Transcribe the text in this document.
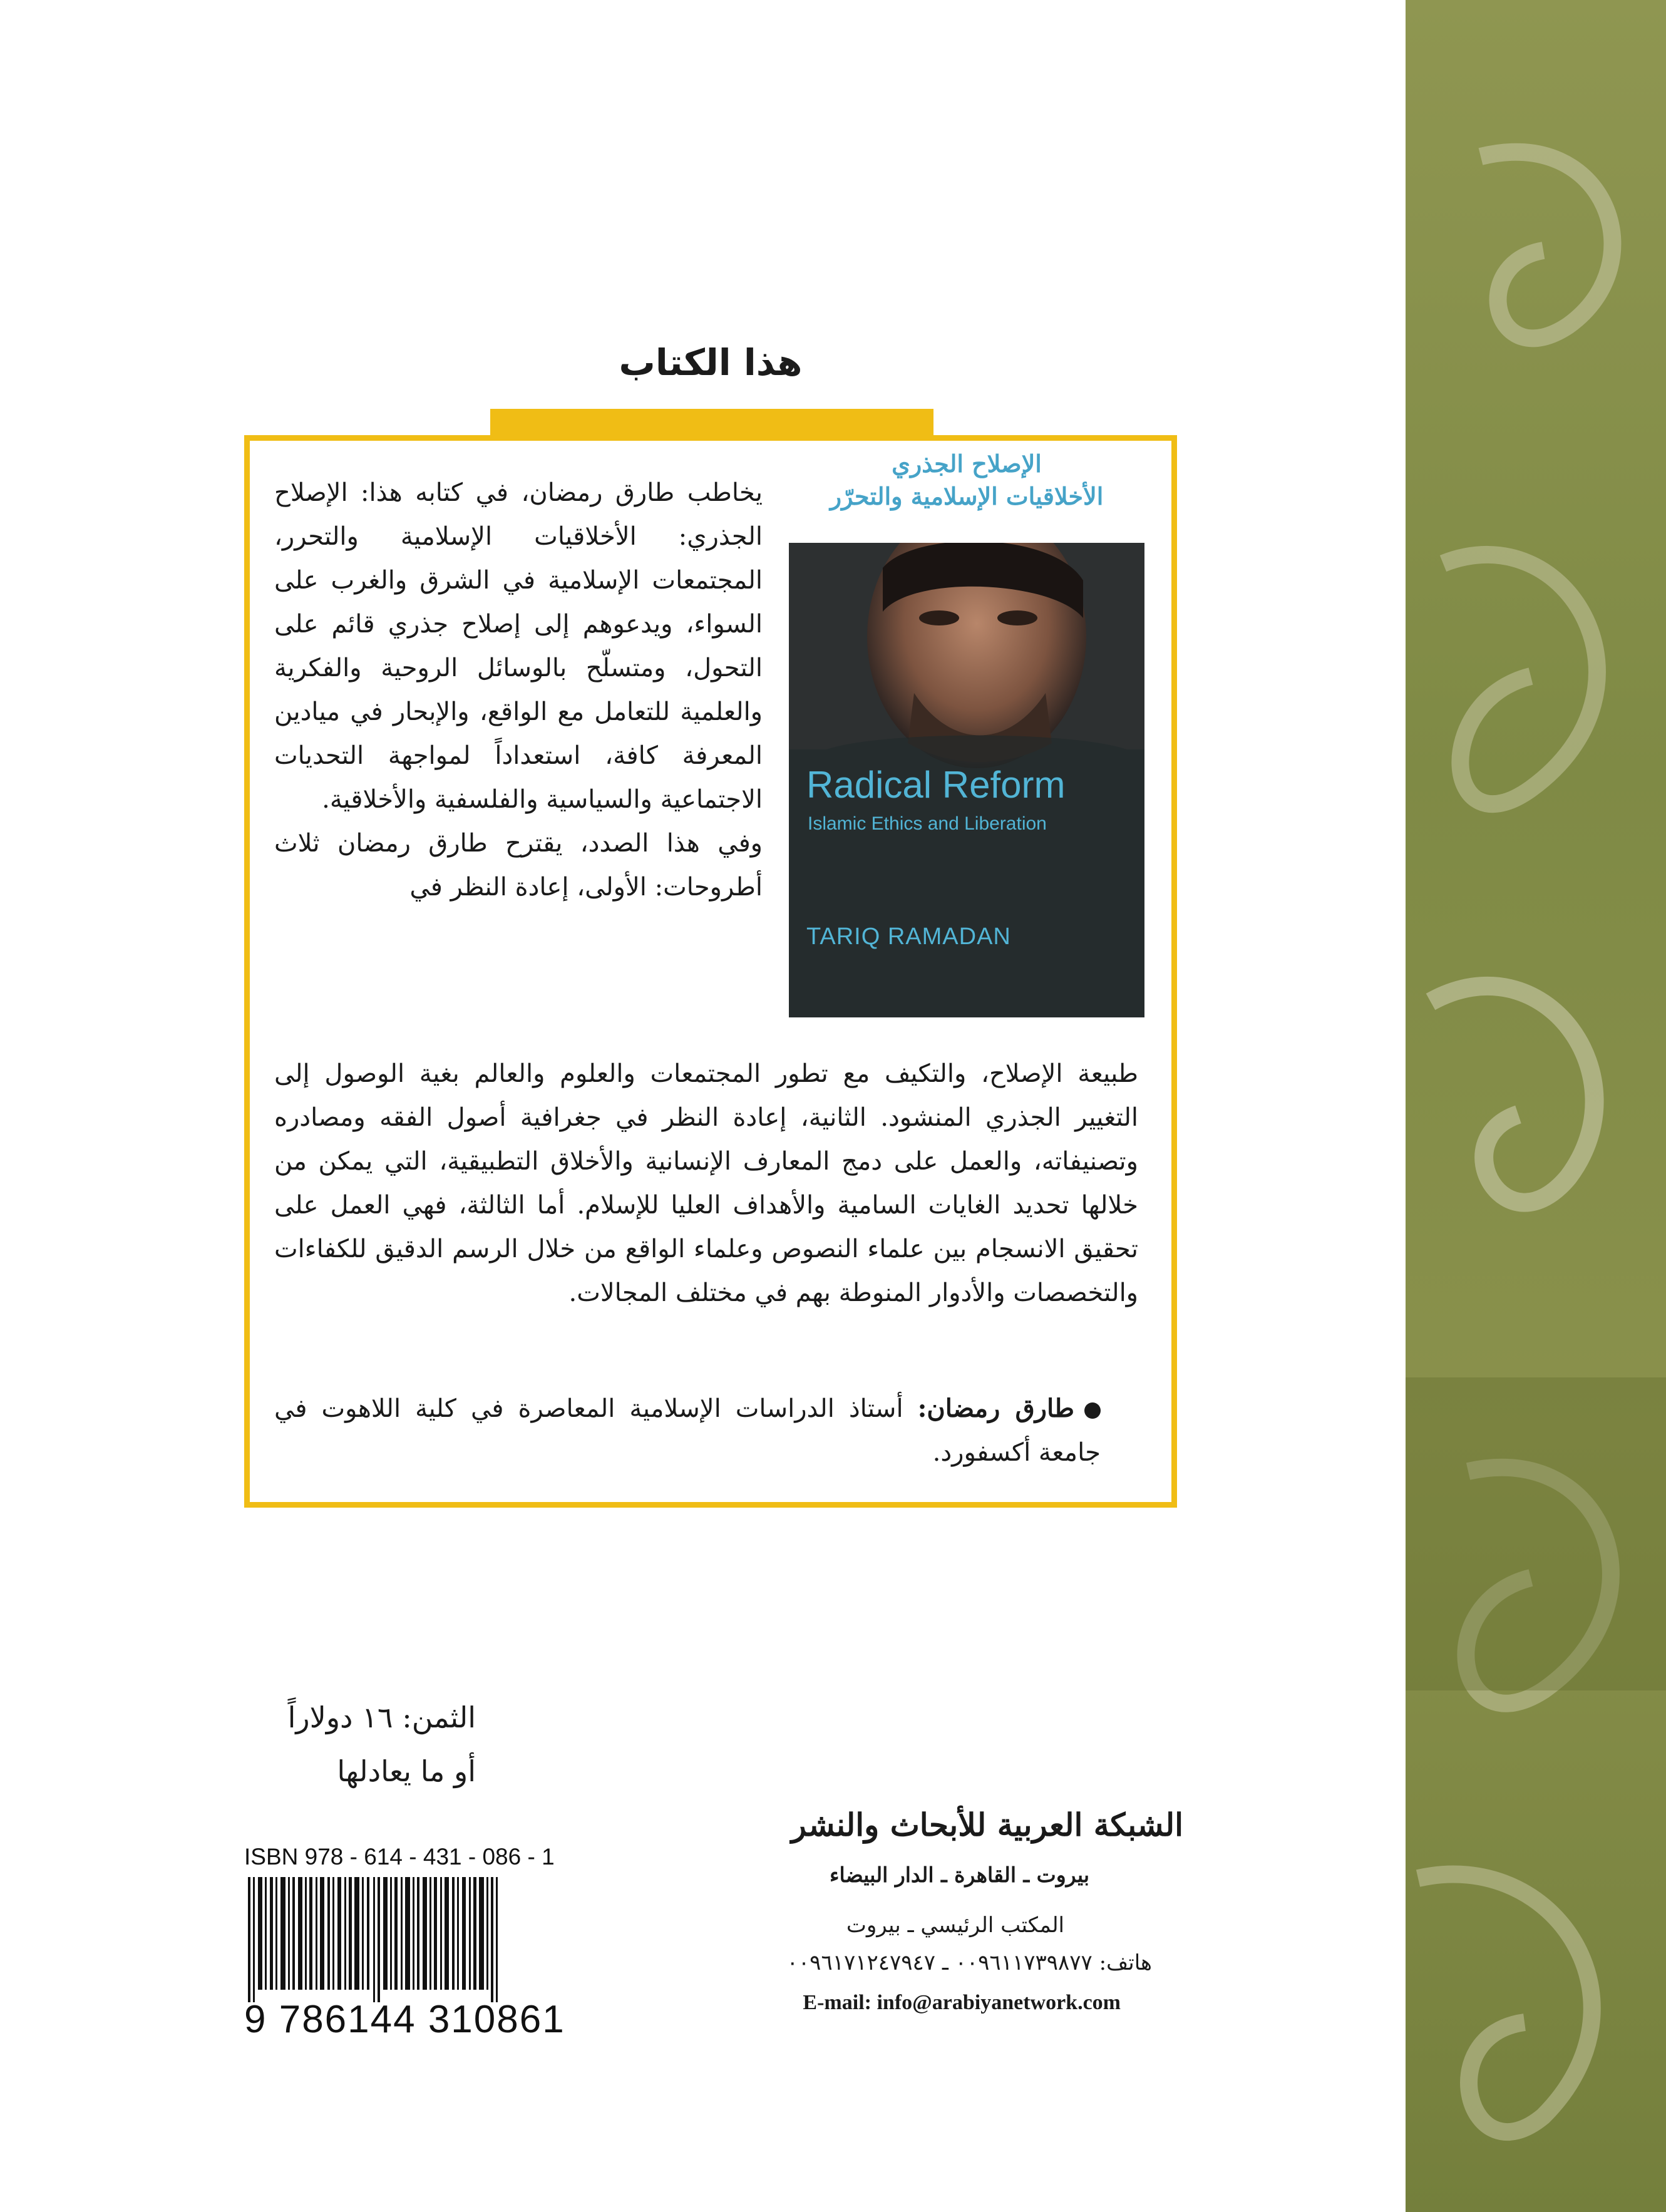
هذا الكتاب
الإصلاح الجذري
الأخلاقيات الإسلامية والتحرّر
Radical Reform
Islamic Ethics and Liberation
TARIQ RAMADAN
يخاطب طارق رمضان، في كتابه هذا: الإصلاح الجذري: الأخلاقيات الإسلامية والتحرر، المجتمعات الإسلامية في الشرق والغرب على السواء، ويدعوهم إلى إصلاح جذري قائم على التحول، ومتسلّح بالوسائل الروحية والفكرية والعلمية للتعامل مع الواقع، والإبحار في ميادين المعرفة كافة، استعداداً لمواجهة التحديات الاجتماعية والسياسية والفلسفية والأخلاقية.
وفي هذا الصدد، يقترح طارق رمضان ثلاث أطروحات: الأولى، إعادة النظر في
طبيعة الإصلاح، والتكيف مع تطور المجتمعات والعلوم والعالم بغية الوصول إلى التغيير الجذري المنشود. الثانية، إعادة النظر في جغرافية أصول الفقه ومصادره وتصنيفاته، والعمل على دمج المعارف الإنسانية والأخلاق التطبيقية، التي يمكن من خلالها تحديد الغايات السامية والأهداف العليا للإسلام. أما الثالثة، فهي العمل على تحقيق الانسجام بين علماء النصوص وعلماء الواقع من خلال الرسم الدقيق للكفاءات والتخصصات والأدوار المنوطة بهم في مختلف المجالات.
طارق رمضان: أستاذ الدراسات الإسلامية المعاصرة في كلية اللاهوت في جامعة أكسفورد.
الثمن: ١٦ دولاراً
أو ما يعادلها
ISBN 978 - 614 - 431 - 086 - 1
9 786144 310861
الشبكة العربية للأبحاث والنشر
بيروت ـ القاهرة ـ الدار البيضاء
المكتب الرئيسي ـ بيروت
هاتف: ٠٠٩٦١١٧٣٩٨٧٧ ـ ٠٠٩٦١٧١٢٤٧٩٤٧
E-mail: info@arabiyanetwork.com
